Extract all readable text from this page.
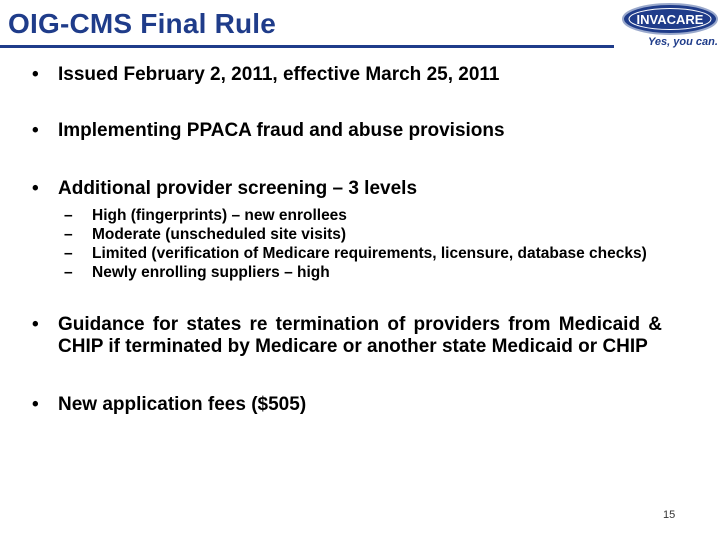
OIG-CMS Final Rule	INVACARE
Yes, you can.
• Issued February 2, 2011, effective March 25, 2011
• Implementing PPACA fraud and abuse provisions
• Additional provider screening – 3 levels
– High (fingerprints) – new enrollees
– Moderate (unscheduled site visits)
– Limited (verification of Medicare requirements, licensure, database checks)
– Newly enrolling suppliers – high
• Guidance for states re termination of providers from Medicaid & CHIP if terminated by Medicare or another state Medicaid or CHIP
• New application fees ($505)
15
